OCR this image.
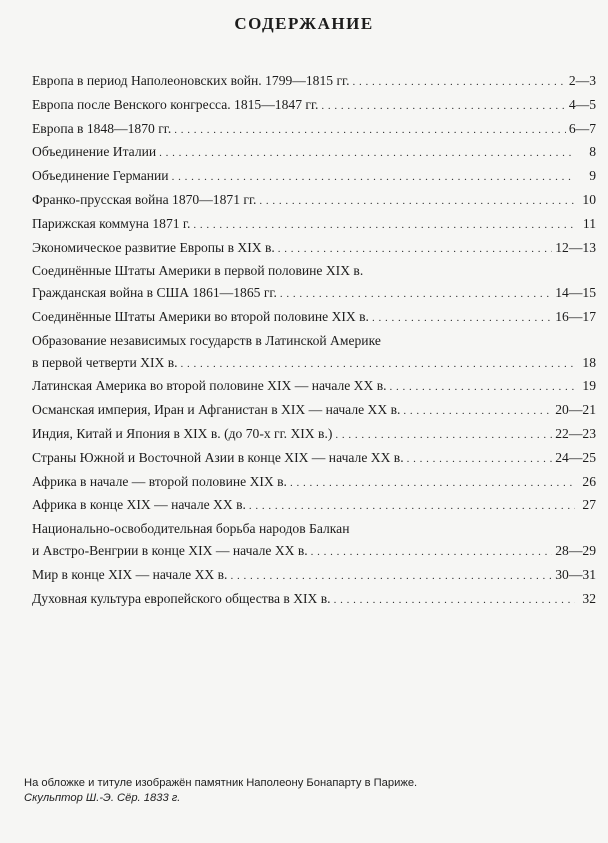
СОДЕРЖАНИЕ
Европа в период Наполеоновских войн. 1799—1815 гг. . . .	2—3
Европа после Венского конгресса. 1815—1847 гг. . . .	4—5
Европа в 1848—1870 гг. . . .	6—7
Объединение Италии . . .	8
Объединение Германии . . .	9
Франко-прусская война 1870—1871 гг. . . .	10
Парижская коммуна 1871 г. . . .	11
Экономическое развитие Европы в XIX в. . . .	12—13
Соединённые Штаты Америки в первой половине XIX в.
Гражданская война в США 1861—1865 гг. . . .	14—15
Соединённые Штаты Америки во второй половине XIX в. . . .	16—17
Образование независимых государств в Латинской Америке
в первой четверти XIX в. . . .	18
Латинская Америка во второй половине XIX — начале XX в. . . .	19
Османская империя, Иран и Афганистан в XIX — начале XX в. . . .	20—21
Индия, Китай и Япония в XIX в. (до 70-х гг. XIX в.) . . .	22—23
Страны Южной и Восточной Азии в конце XIX — начале XX в. . . .	24—25
Африка в начале — второй половине XIX в. . . .	26
Африка в конце XIX — начале XX в. . . .	27
Национально-освободительная борьба народов Балкан
и Австро-Венгрии в конце XIX — начале XX в. . . .	28—29
Мир в конце XIX — начале XX в. . . .	30—31
Духовная культура европейского общества в XIX в. . . .	32
На обложке и титуле изображён памятник Наполеону Бонапарту в Париже.
Скульптор Ш.-Э. Сёр. 1833 г.
